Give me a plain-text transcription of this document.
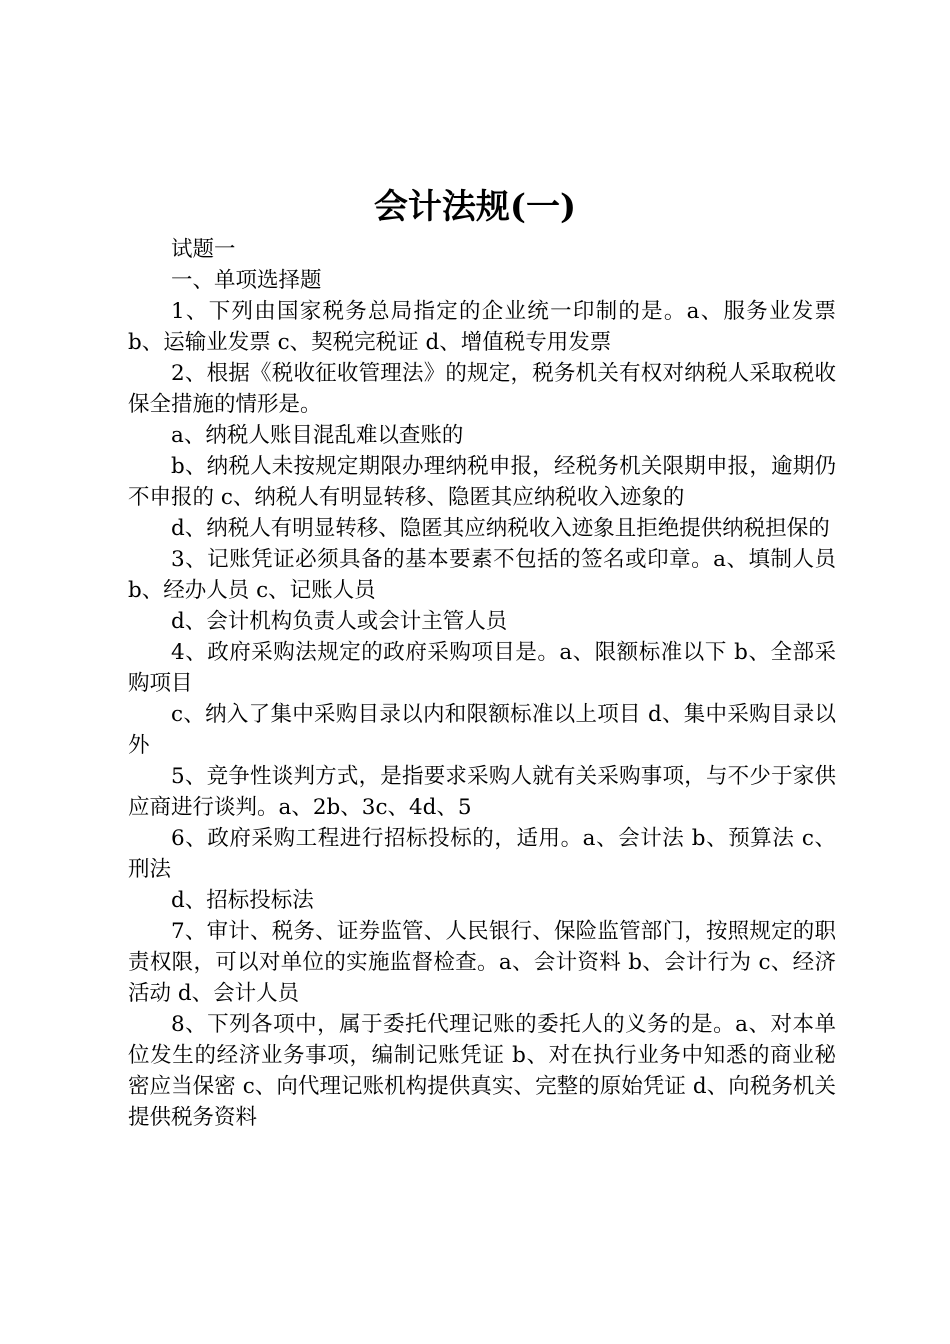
会计法规(一)

试题一

一、单项选择题

1、下列由国家税务总局指定的企业统一印制的是。a、服务业发票 b、运输业发票 c、契税完税证 d、增值税专用发票

2、根据《税收征收管理法》的规定，税务机关有权对纳税人采取税收保全措施的情形是。

a、纳税人账目混乱难以查账的

b、纳税人未按规定期限办理纳税申报，经税务机关限期申报，逾期仍不申报的 c、纳税人有明显转移、隐匿其应纳税收入迹象的

d、纳税人有明显转移、隐匿其应纳税收入迹象且拒绝提供纳税担保的

3、记账凭证必须具备的基本要素不包括的签名或印章。a、填制人员 b、经办人员 c、记账人员

d、会计机构负责人或会计主管人员

4、政府采购法规定的政府采购项目是。a、限额标准以下 b、全部采购项目

c、纳入了集中采购目录以内和限额标准以上项目 d、集中采购目录以外

5、竞争性谈判方式，是指要求采购人就有关采购事项，与不少于家供应商进行谈判。a、2b、3c、4d、5

6、政府采购工程进行招标投标的，适用。a、会计法 b、预算法 c、刑法

d、招标投标法

7、审计、税务、证券监管、人民银行、保险监管部门，按照规定的职责权限，可以对单位的实施监督检查。a、会计资料 b、会计行为 c、经济活动 d、会计人员

8、下列各项中，属于委托代理记账的委托人的义务的是。a、对本单位发生的经济业务事项，编制记账凭证 b、对在执行业务中知悉的商业秘密应当保密 c、向代理记账机构提供真实、完整的原始凭证 d、向税务机关提供税务资料
